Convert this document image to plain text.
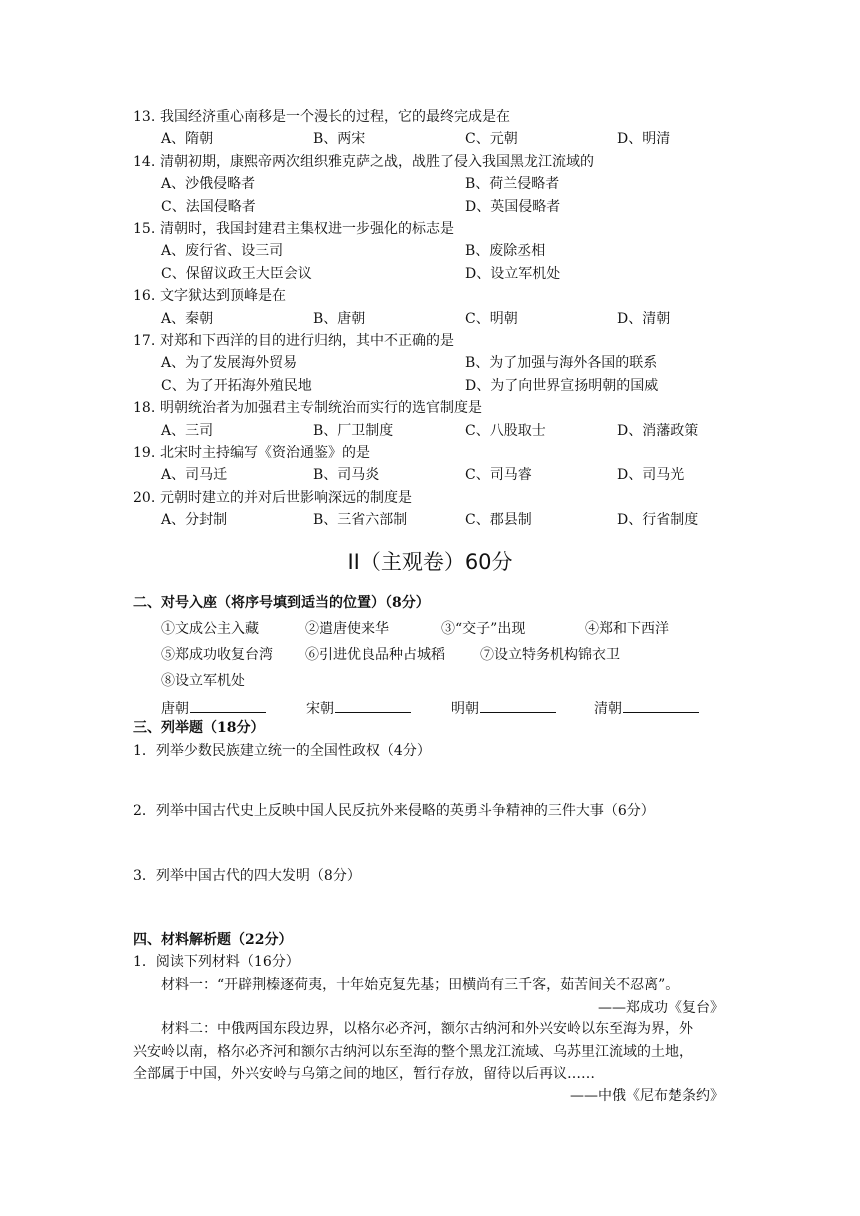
13. 我国经济重心南移是一个漫长的过程，它的最终完成是在
A、隋朝	B、两宋	C、元朝	D、明清
14. 清朝初期，康熙帝两次组织雅克萨之战，战胜了侵入我国黑龙江流域的
A、沙俄侵略者	B、荷兰侵略者
C、法国侵略者	D、英国侵略者
15. 清朝时，我国封建君主集权进一步强化的标志是
A、废行省、设三司	B、废除丞相
C、保留议政王大臣会议	D、设立军机处
16. 文字狱达到顶峰是在
A、秦朝	B、唐朝	C、明朝	D、清朝
17. 对郑和下西洋的目的进行归纳，其中不正确的是
A、为了发展海外贸易	B、为了加强与海外各国的联系
C、为了开拓海外殖民地	D、为了向世界宣扬明朝的国威
18. 明朝统治者为加强君主专制统治而实行的选官制度是
A、三司	B、厂卫制度	C、八股取士	D、消藩政策
19. 北宋时主持编写《资治通鉴》的是
A、司马迁	B、司马炎	C、司马睿	D、司马光
20. 元朝时建立的并对后世影响深远的制度是
A、分封制	B、三省六部制	C、郡县制	D、行省制度
II（主观卷）60分
二、对号入座（将序号填到适当的位置）（8分）
①文成公主入藏	②遣唐使来华	③“交子”出现	④郑和下西洋
⑤郑成功收复台湾 ⑥引进优良品种占城稻	⑦设立特务机构锦衣卫
⑧设立军机处
唐朝	宋朝	明朝	清朝
三、列举题（18分）
1．列举少数民族建立统一的全国性政权（4分）
2．列举中国古代史上反映中国人民反抗外来侵略的英勇斗争精神的三件大事（6分）
3．列举中国古代的四大发明（8分）
四、材料解析题（22分）
1．阅读下列材料（16分）
材料一：“开辟荆榛逐荷夷，十年始克复先基；田横尚有三千客，茹苦间关不忍离”。
——郑成功《复台》
材料二：中俄两国东段边界，以格尔必齐河，额尔古纳河和外兴安岭以东至海为界，外
兴安岭以南，格尔必齐河和额尔古纳河以东至海的整个黑龙江流域、乌苏里江流域的土地，
全部属于中国，外兴安岭与乌第之间的地区，暂行存放，留待以后再议……
——中俄《尼布楚条约》
